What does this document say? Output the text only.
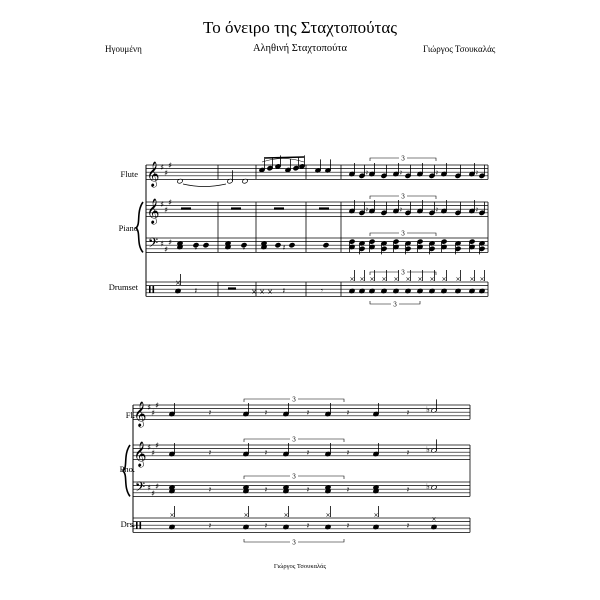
Το όνειρο της Σταχτοπούτας
Αληθινή Σταχτοπούτα
Ηγουμένη	Γιώργος Τσουκαλάς
Flute
Piano
Drumset
Fl.
Pno.
Drs.
𝄞
𝄞
𝄢
♯
♯
♯
♯
♯
♯
♯
♯
♯
𝄽	𝄽	𝄽	𝄽
3
𝄽	𝄽	𝄽	𝄽
3
𝄽	𝄽	𝄽
3
×
𝄽	× × × 𝄽	𝄾
× × × × × × × × × × × ×
3
3
𝄞
𝄞
𝄢
♯
♯
♯
♯
♯
♯
♯
♯
♯
𝄽	𝄽	𝄽	𝄽	𝄽 ♭
3
𝄽	𝄽	𝄽	𝄽	𝄽 ♭
3
𝄽	𝄽	𝄽	𝄽	𝄽 ♭
3
×
𝄽
×
𝄽
×
𝄽
×
𝄽
×
𝄽
×
3
Γιώργος Τσουκαλάς
